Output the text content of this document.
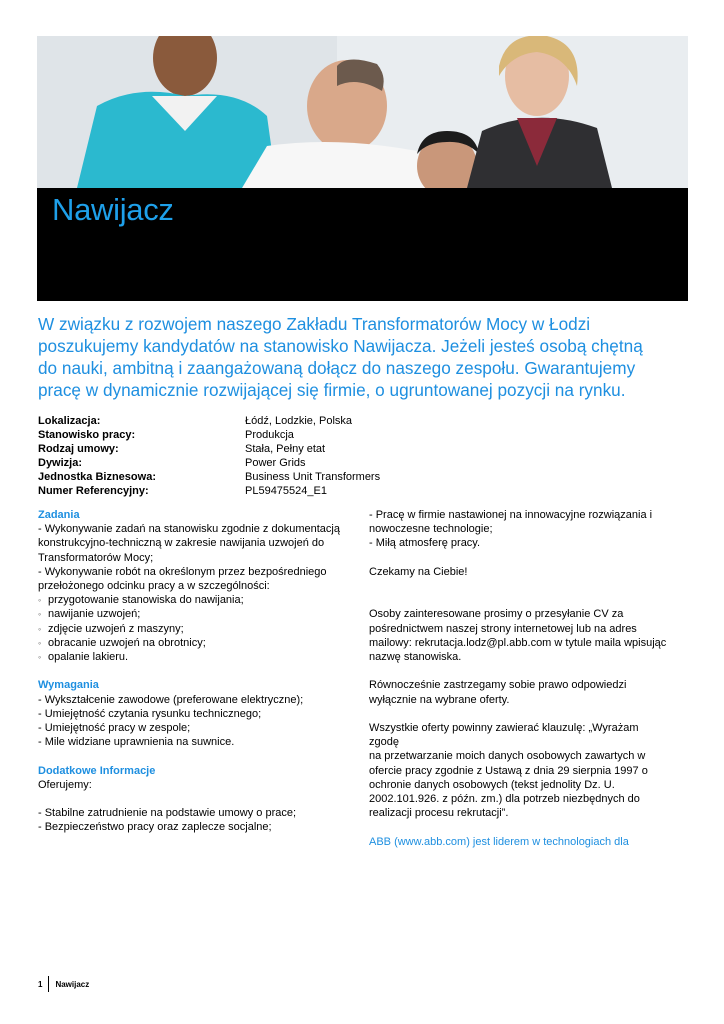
Nawijacz

W związku z rozwojem naszego Zakładu Transformatorów Mocy w Łodzi poszukujemy kandydatów na stanowisko Nawijacza. Jeżeli jesteś osobą chętną do nauki, ambitną i zaangażowaną dołącz do naszego zespołu. Gwarantujemy pracę w dynamicznie rozwijającej się firmie, o ugruntowanej pozycji na rynku.

Lokalizacja:	Łódź, Lodzkie, Polska
Stanowisko pracy:	Produkcja
Rodzaj umowy:	Stała, Pełny etat
Dywizja:	Power Grids
Jednostka Biznesowa:	Business Unit Transformers
Numer Referencyjny:	PL59475524_E1
Zadania
- Wykonywanie zadań na stanowisku zgodnie z dokumentacją
konstrukcyjno-techniczną w zakresie nawijania uzwojeń do
Transformatorów Mocy;
- Wykonywanie robót na określonym przez bezpośredniego
przełożonego odcinku pracy a w szczególności:
◦ przygotowanie stanowiska do nawijania;
◦ nawijanie uzwojeń;
◦ zdjęcie uzwojeń z maszyny;
◦ obracanie uzwojeń na obrotnicy;
◦ opalanie lakieru.
Wymagania
- Wykształcenie zawodowe (preferowane elektryczne);
- Umiejętność czytania rysunku technicznego;
- Umiejętność pracy w zespole;
- Mile widziane uprawnienia na suwnice.
Dodatkowe Informacje
Oferujemy:
- Stabilne zatrudnienie na podstawie umowy o prace;
- Bezpieczeństwo pracy oraz zaplecze socjalne;
- Pracę w firmie nastawionej na innowacyjne rozwiązania i
nowoczesne technologie;
- Miłą atmosferę pracy.
Czekamy na Ciebie!
Osoby zainteresowane prosimy o przesyłanie CV za
pośrednictwem naszej strony internetowej lub na adres
mailowy: rekrutacja.lodz@pl.abb.com w tytule maila wpisując
nazwę stanowiska.
Równocześnie zastrzegamy sobie prawo odpowiedzi
wyłącznie na wybrane oferty.
Wszystkie oferty powinny zawierać klauzulę: „Wyrażam zgodę
na przetwarzanie moich danych osobowych zawartych w
ofercie pracy zgodnie z Ustawą z dnia 29 sierpnia 1997 o
ochronie danych osobowych (tekst jednolity Dz. U.
2002.101.926. z późn. zm.) dla potrzeb niezbędnych do
realizacji procesu rekrutacji”.
ABB (www.abb.com) jest liderem w technologiach dla
1 Nawijacz
